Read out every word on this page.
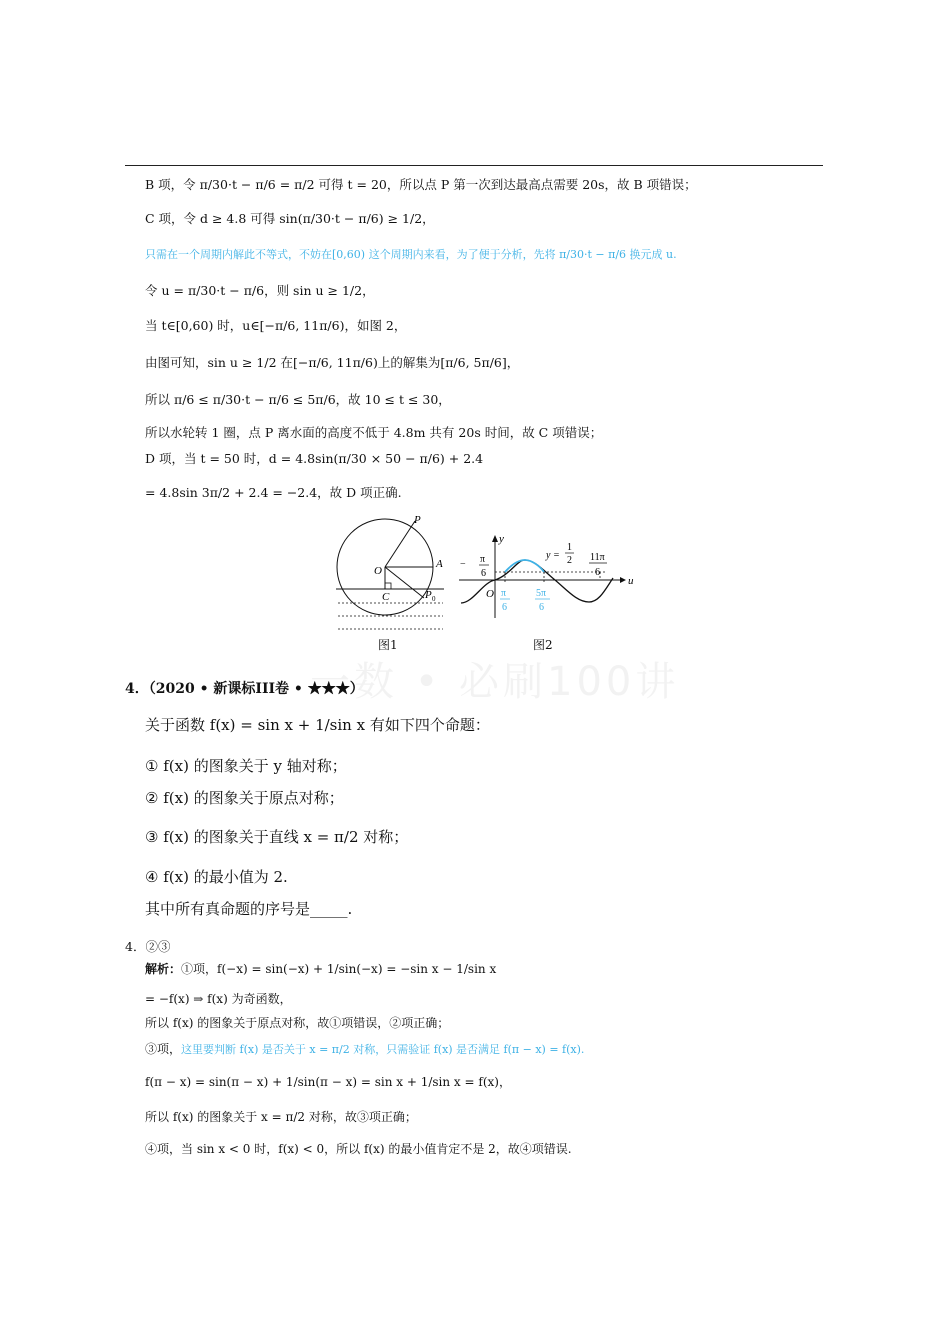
一数 • 必刷100讲
B 项，令 π/30·t − π/6 = π/2 可得 t = 20，所以点 P 第一次到达最高点需要 20s，故 B 项错误；
C 项，令 d ≥ 4.8 可得 sin(π/30·t − π/6) ≥ 1/2，
只需在一个周期内解此不等式，不妨在[0,60) 这个周期内来看，为了便于分析，先将 π/30·t − π/6 换元成 u.
令 u = π/30·t − π/6，则 sin u ≥ 1/2，
当 t∈[0,60) 时，u∈[−π/6, 11π/6)，如图 2，
由图可知，sin u ≥ 1/2 在[−π/6, 11π/6)上的解集为[π/6, 5π/6]，
所以 π/6 ≤ π/30·t − π/6 ≤ 5π/6，故 10 ≤ t ≤ 30，
所以水轮转 1 圈，点 P 离水面的高度不低于 4.8m 共有 20s 时间，故 C 项错误；
D 项，当 t = 50 时，d = 4.8sin(π/30 × 50 − π/6) + 2.4
= 4.8sin 3π/2 + 2.4 = −2.4，故 D 项正确.
P
O
A
C	P 0
图1
y
u
O
− π
6
y =
1
2 11π
6
π
6
5π
6
图2
4．（2020 • 新课标III卷 • ★★★）
关于函数 f(x) = sin x + 1/sin x 有如下四个命题：
① f(x) 的图象关于 y 轴对称；
② f(x) 的图象关于原点对称；
③ f(x) 的图象关于直线 x = π/2 对称；
④ f(x) 的最小值为 2.
其中所有真命题的序号是_____.
4．②③
解析：①项，f(−x) = sin(−x) + 1/sin(−x) = −sin x − 1/sin x
= −f(x) ⇒ f(x) 为奇函数，
所以 f(x) 的图象关于原点对称，故①项错误，②项正确；
③项，这里要判断 f(x) 是否关于 x = π/2 对称，只需验证 f(x) 是否满足 f(π − x) = f(x).
f(π − x) = sin(π − x) + 1/sin(π − x) = sin x + 1/sin x = f(x)，
所以 f(x) 的图象关于 x = π/2 对称，故③项正确；
④项，当 sin x < 0 时，f(x) < 0，所以 f(x) 的最小值肯定不是 2，故④项错误.
